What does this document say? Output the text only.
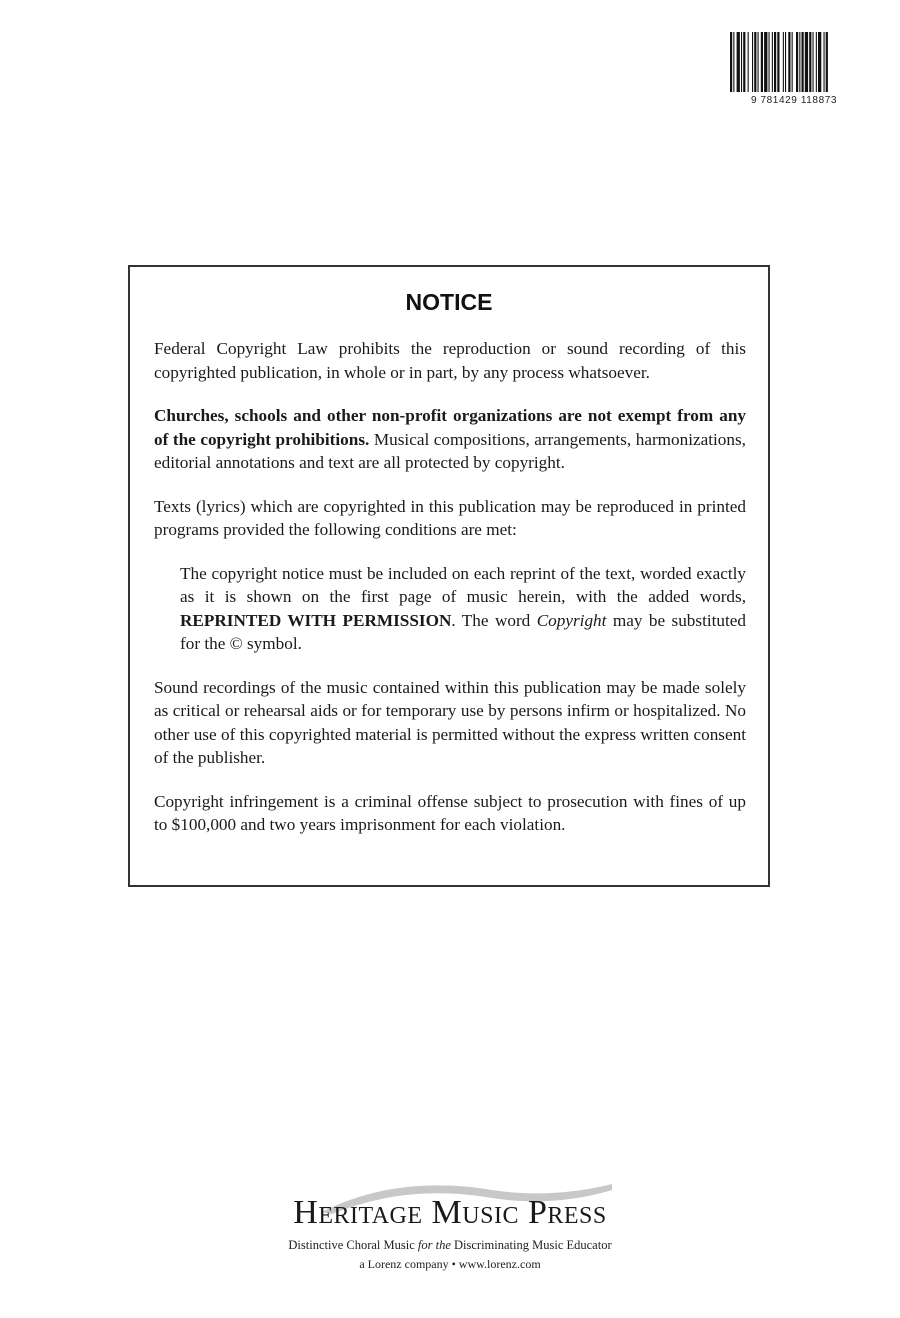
9 781429 118873
NOTICE

Federal Copyright Law prohibits the reproduction or sound recording of this copyrighted publication, in whole or in part, by any process whatsoever.

Churches, schools and other non-profit organizations are not exempt from any of the copyright prohibitions. Musical compositions, arrangements, harmonizations, editorial annotations and text are all protected by copyright.

Texts (lyrics) which are copyrighted in this publication may be reproduced in printed programs provided the following conditions are met:

The copyright notice must be included on each reprint of the text, worded exactly as it is shown on the first page of music herein, with the added words, REPRINTED WITH PERMISSION. The word Copyright may be substituted for the © symbol.

Sound recordings of the music contained within this publication may be made solely as critical or rehearsal aids or for temporary use by persons infirm or hospitalized. No other use of this copyrighted material is permitted without the express written consent of the publisher.

Copyright infringement is a criminal offense subject to prosecution with fines of up to $100,000 and two years imprisonment for each violation.

Heritage Music Press
Distinctive Choral Music for the Discriminating Music Educator
a Lorenz company • www.lorenz.com
